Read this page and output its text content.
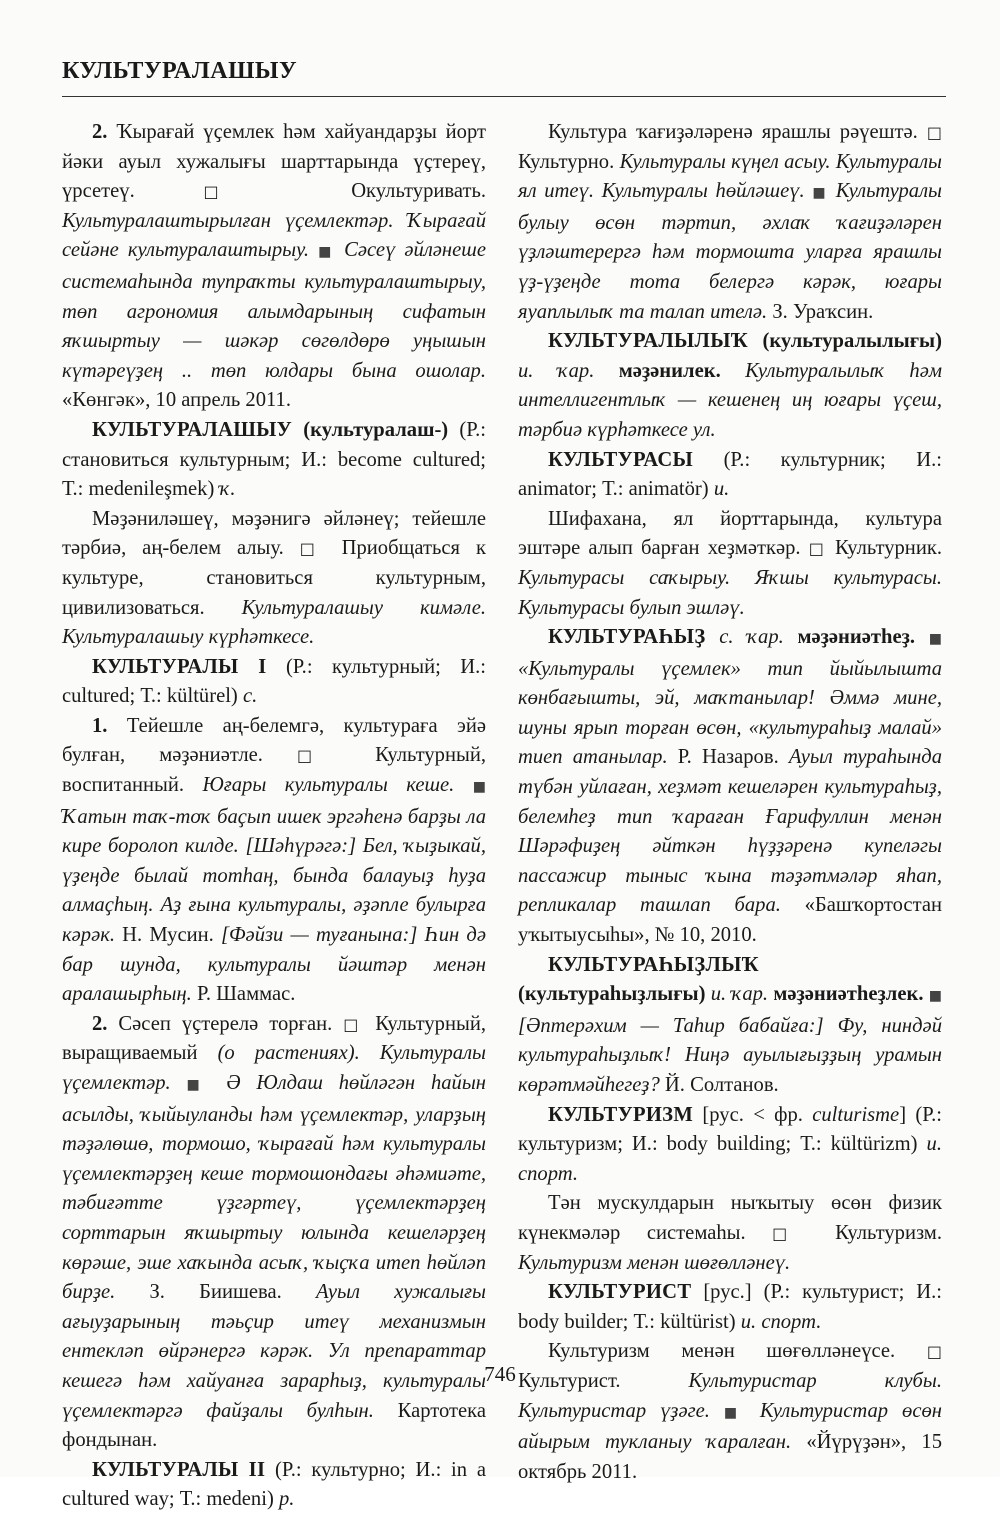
КУЛЬТУРАЛАШЫУ

2. Ҡырағай үҫемлек һәм хайуандарҙы йорт йәки ауыл хужалығы шарттарында үҫтереү, үрсетеү. □ Окультуривать. Культуралаштырылған үҫемлектәр. Ҡырағай сейәне культуралаштырыу. ■ Сәсеү әйләнеше системаһында тупраҡты культуралаштырыу, төп агрономия алымдарының сифатын яҡшыртыу — шәкәр сөгөлдөрө уңышын күтәреүҙең .. төп юлдары бына ошолар. «Көнгәк», 10 апрель 2011.

КУЛЬТУРАЛАШЫУ (культуралаш-) (Р.: становиться культурным; И.: become cultured; Т.: medenileşmek) ҡ.

Мәҙәниләшеү, мәҙәнигә әйләнеү; тейешле тәрбиә, аң-белем алыу. □ Приобщаться к культуре, становиться культурным, цивилизоваться. Культуралашыу кимәле. Культуралашыу күрһәткесе.

КУЛЬТУРАЛЫ I (Р.: культурный; И.: cultured; Т.: kültürel) с.

1. Тейешле аң-белемгә, культураға эйә булған, мәҙәниәтле. □ Культурный, воспитанный. Юғары культуралы кеше. ■ Ҡатын таҡ-тоҡ баҫып ишек эргәһенә барҙы ла кире боролоп килде. [Шәһүрәгә:] Бел, ҡыҙыкай, үҙеңде былай тотһаң, бында балауыҙ һуҙа алмаҫһың. Аҙ ғына культуралы, әҙәпле булырға кәрәк. Н. Мусин. [Фәйзи — туғанына:] Һин дә бар шунда, культуралы йәштәр менән аралашырһың. Р. Шаммас.

2. Сәсеп үҫтерелә торған. □ Культурный, выращиваемый (о растениях). Культуралы үҫемлектәр. ■ Ә Юлдаш һөйләгән һайын асылды, ҡыйыуланды һәм үҫемлектәр, уларҙың тәҙәлөшө, тормошо, ҡырағай һәм культуралы үҫемлектәрҙең кеше тормошондағы әһәмиәте, тәбиғәтте үҙгәртеү, үҫемлектәрҙең сорттарын яҡшыртыу юлында кешеләрҙең көрәше, эше хаҡында асыҡ, ҡыҫҡа итеп һөйләп бирҙе. З. Биишева. Ауыл хужалығы ағыуҙарының тәьҫир итеү механизмын ентекләп өйрәнергә кәрәк. Ул препараттар кешегә һәм хайуанға зарарһыҙ, культуралы үҫемлектәргә файҙалы булһын. Картотека фондынан.

КУЛЬТУРАЛЫ II (Р.: культурно; И.: in a cultured way; Т.: medeni) р.

Культура ҡағиҙәләренә ярашлы рәүештә. □ Культурно. Культуралы күңел асыу. Культуралы ял итеү. Культуралы һөйләшеү. ■ Культуралы булыу өсөн тәртип, әхлаҡ ҡағиҙәләрен үҙләштерергә һәм тормошта уларға ярашлы үҙ-үҙеңде тота белергә кәрәк, юғары яуаплылыҡ та талап ителә. З. Ураҡсин.

КУЛЬТУРАЛЫЛЫҠ (культуралылығы) и. ҡар. мәҙәнилек. Культуралылыҡ һәм интеллигентлыҡ — кешенең иң юғары үҫеш, тәрбиә күрһәткесе ул.

КУЛЬТУРАСЫ (Р.: культурник; И.: animator; Т.: animatör) и.

Шифахана, ял йорттарында, культура эштәре алып барған хеҙмәткәр. □ Культурник. Культурасы саҡырыу. Яҡшы культурасы. Культурасы булып эшләү.

КУЛЬТУРАҺЫҘ с. ҡар. мәҙәниәтһеҙ. ■ «Культуралы үҫемлек» тип йыйылышта көнбағышты, эй, маҡтанылар! Әммә мине, шуны ярып торған өсөн, «культураһыҙ малай» тиеп атанылар. Р. Назаров. Ауыл тураһында түбән уйлаған, хеҙмәт кешеләрен культураһыҙ, белемһеҙ тип ҡараған Ғарифуллин менән Шәрәфиҙең әйткән һүҙҙәренә купеләгы пассажир тыныс ҡына тәҙәтмәләр яһап, репликалар ташлап бара. «Башҡортостан уҡытыусыһы», № 10, 2010.

КУЛЬТУРАҺЫҘЛЫҠ (культураһыҙлығы) и. ҡар. мәҙәниәтһеҙлек. ■ [Әптерәхим — Таһир бабайға:] Фу, ниндәй культураһыҙлыҡ! Ниңә ауылығыҙҙың урамын көрәтмәйһегеҙ? Й. Солтанов.

КУЛЬТУРИЗМ [рус. < фр. culturisme] (Р.: культуризм; И.: body building; Т.: kültürizm) и. спорт.

Тән мускулдарын ныҡытыу өсөн физик күнекмәләр системаһы. □ Культуризм. Культуризм менән шөғөлләнеү.

КУЛЬТУРИСТ [рус.] (Р.: культурист; И.: body builder; Т.: kültürist) и. спорт.

Культуризм менән шөғөлләнеүсе. □ Культурист. Культуристар клубы. Культуристар үҙәге. ■ Культуристар өсөн айырым тукланыу ҡаралған. «Йүрүҙән», 15 октябрь 2011.

746
